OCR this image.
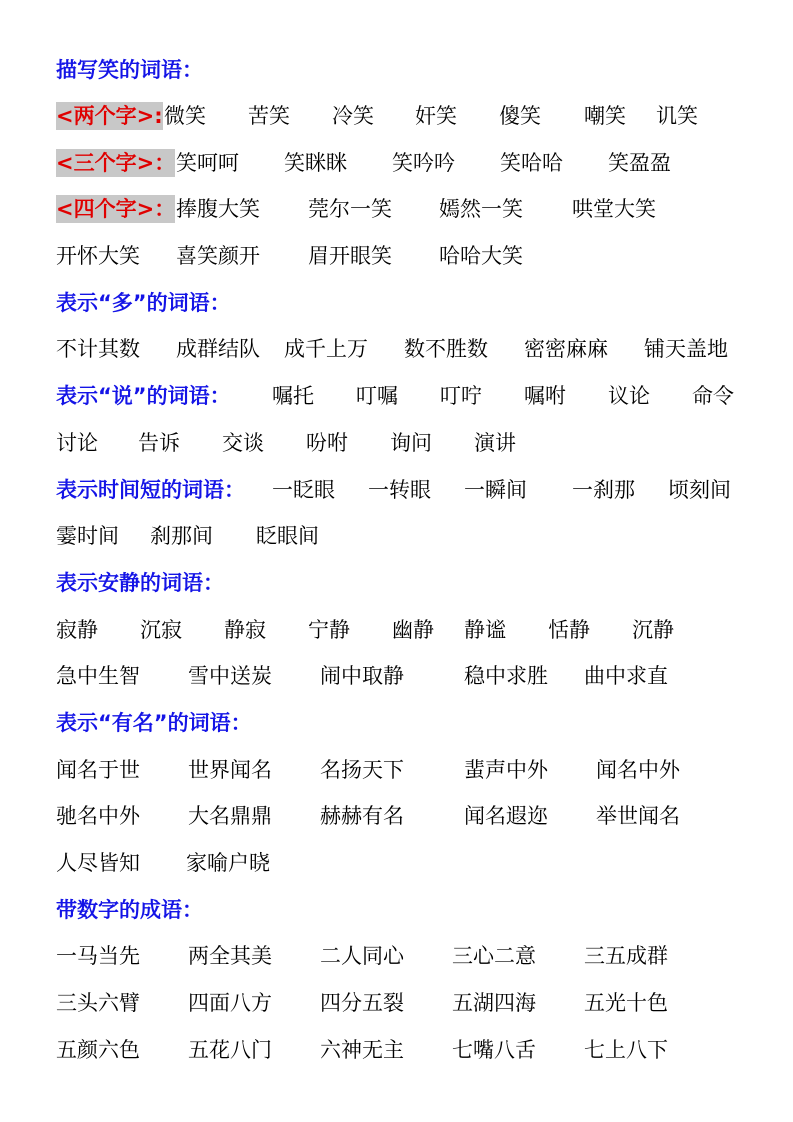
描写笑的词语：
<两个字>: 微笑 苦笑 冷笑 奸笑 傻笑 嘲笑 讥笑
<三个字>： 笑呵呵 笑眯眯 笑吟吟 笑哈哈 笑盈盈
<四个字>： 捧腹大笑 莞尔一笑 嫣然一笑 哄堂大笑
开怀大笑 喜笑颜开 眉开眼笑 哈哈大笑
表示“多”的词语：
不计其数 成群结队 成千上万 数不胜数 密密麻麻 铺天盖地
表示“说”的词语： 嘱托 叮嘱 叮咛 嘱咐 议论 命令
讨论 告诉 交谈 吩咐 询问 演讲
表示时间短的词语： 一眨眼 一转眼 一瞬间 一刹那 顷刻间
霎时间 刹那间 眨眼间
表示安静的词语：
寂静 沉寂 静寂 宁静 幽静 静谧 恬静 沉静
急中生智 雪中送炭 闹中取静	稳中求胜 曲中求直
表示“有名”的词语：
闻名于世 世界闻名 名扬天下	蜚声中外 闻名中外
驰名中外 大名鼎鼎 赫赫有名	闻名遐迩 举世闻名
人尽皆知 家喻户晓
带数字的成语：
一马当先 两全其美 二人同心 三心二意 三五成群
三头六臂 四面八方 四分五裂 五湖四海 五光十色
五颜六色 五花八门 六神无主 七嘴八舌 七上八下
